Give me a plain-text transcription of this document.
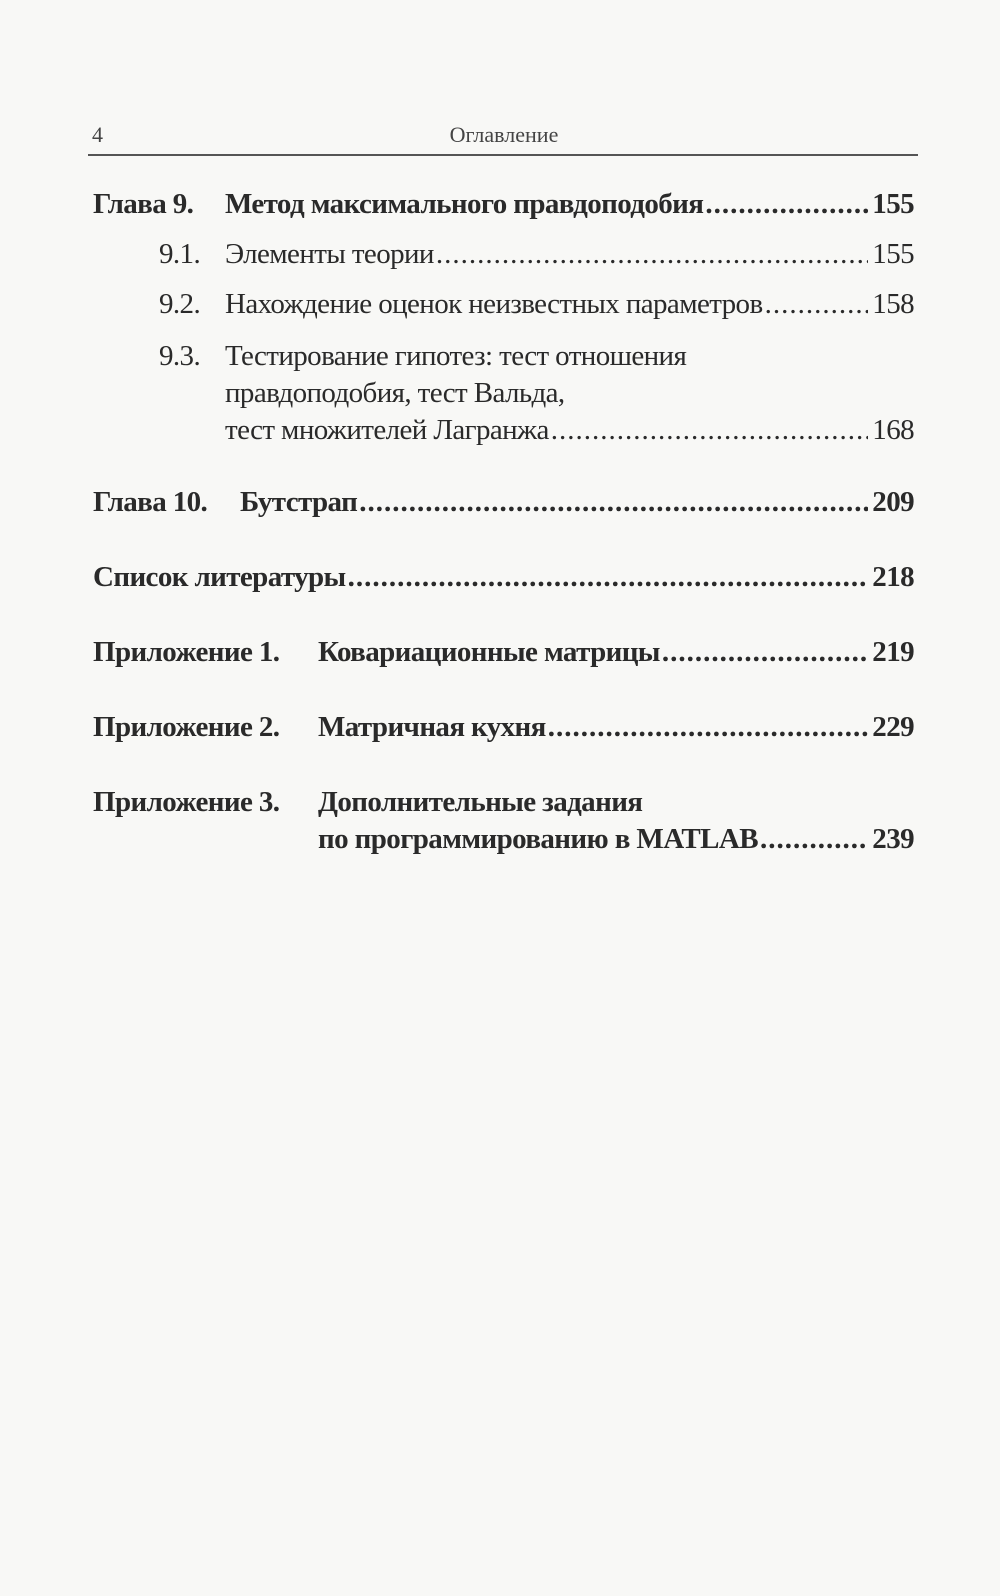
4	Оглавление
Глава 9.	Метод максимального правдоподобия .....	155
9.1. Элементы теории .....	155
9.2. Нахождение оценок неизвестных параметров .....	158
9.3. Тестирование гипотез: тест отношения
правдоподобия, тест Вальда,
тест множителей Лагранжа .....	168
Глава 10.	Бутстрап .....	209
Список литературы .....	218
Приложение 1.	Ковариационные матрицы .....	219
Приложение 2.	Матричная кухня .....	229
Приложение 3.	Дополнительные задания
по программированию в MATLAB .....	239
